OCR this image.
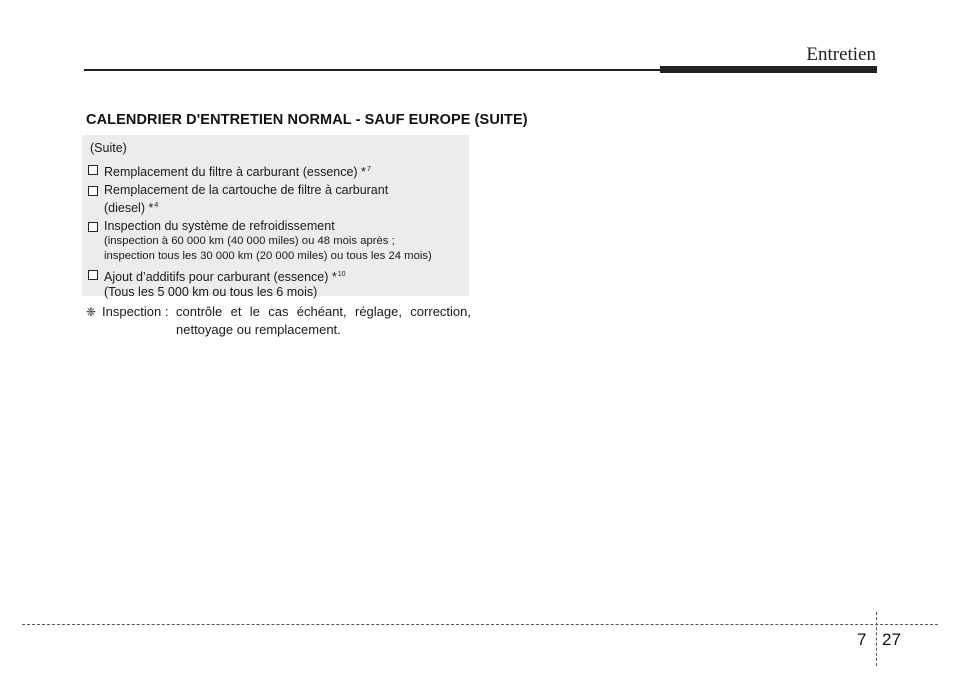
Entretien
CALENDRIER D'ENTRETIEN NORMAL - SAUF EUROPE (SUITE)
(Suite)
Remplacement du filtre à carburant (essence) *$^7$
Remplacement de la cartouche de filtre à carburant
(diesel) *$^4$
Inspection du système de refroidissement
(inspection à 60 000 km (40 000 miles) ou 48 mois après ;
inspection tous les 30 000 km (20 000 miles) ou tous les 24 mois)
Ajout d’additifs pour carburant (essence) *$^{10}$
(Tous les 5 000 km ou tous les 6 mois)
❈ Inspection : contrôle et le cas échéant, réglage, correction,
nettoyage ou remplacement.
7 27
